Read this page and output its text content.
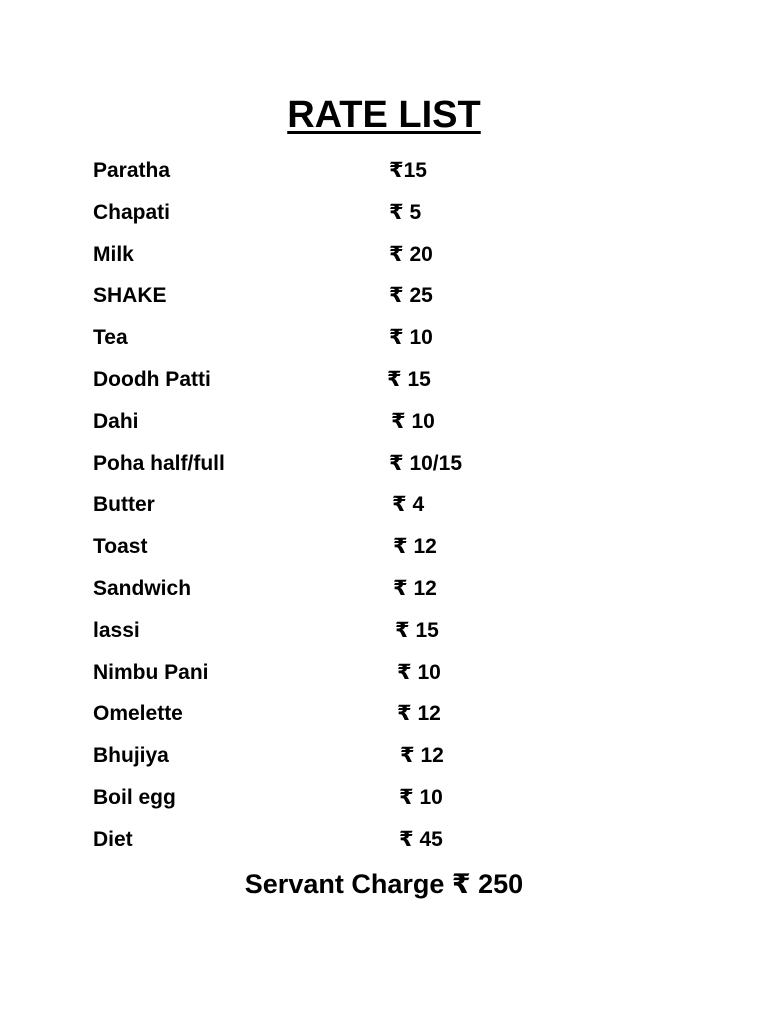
RATE LIST
Paratha	₹15
Chapati	₹ 5
Milk	₹ 20
SHAKE	₹ 25
Tea	₹ 10
Doodh Patti	₹ 15
Dahi	₹ 10
Poha half/full	₹ 10/15
Butter	₹ 4
Toast	₹ 12
Sandwich	₹ 12
lassi	₹ 15
Nimbu Pani	₹ 10
Omelette	₹ 12
Bhujiya	₹ 12
Boil egg	₹ 10
Diet	₹ 45
Servant Charge ₹ 250
